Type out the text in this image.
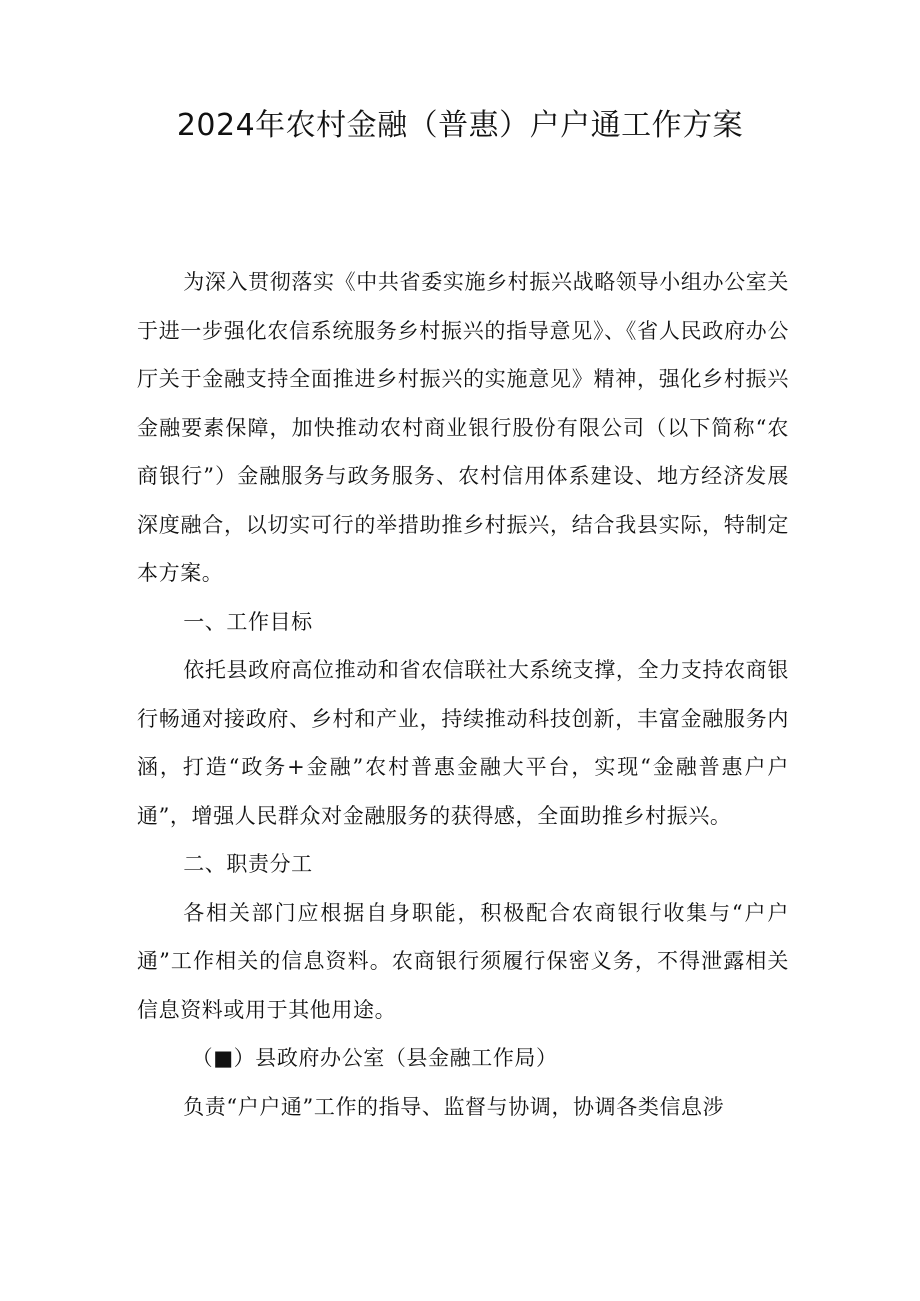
2024年农村金融（普惠）户户通工作方案

为深入贯彻落实《中共省委实施乡村振兴战略领导小组办公室关于进一步强化农信系统服务乡村振兴的指导意见》、《省人民政府办公厅关于金融支持全面推进乡村振兴的实施意见》精神，强化乡村振兴金融要素保障，加快推动农村商业银行股份有限公司（以下简称“农商银行”）金融服务与政务服务、农村信用体系建设、地方经济发展深度融合，以切实可行的举措助推乡村振兴，结合我县实际，特制定本方案。

一、工作目标

依托县政府高位推动和省农信联社大系统支撑，全力支持农商银行畅通对接政府、乡村和产业，持续推动科技创新，丰富金融服务内涵，打造“政务+金融”农村普惠金融大平台，实现“金融普惠户户通”，增强人民群众对金融服务的获得感，全面助推乡村振兴。

二、职责分工

各相关部门应根据自身职能，积极配合农商银行收集与“户户通”工作相关的信息资料。农商银行须履行保密义务，不得泄露相关信息资料或用于其他用途。

（■）县政府办公室（县金融工作局）

负责“户户通”工作的指导、监督与协调，协调各类信息涉
